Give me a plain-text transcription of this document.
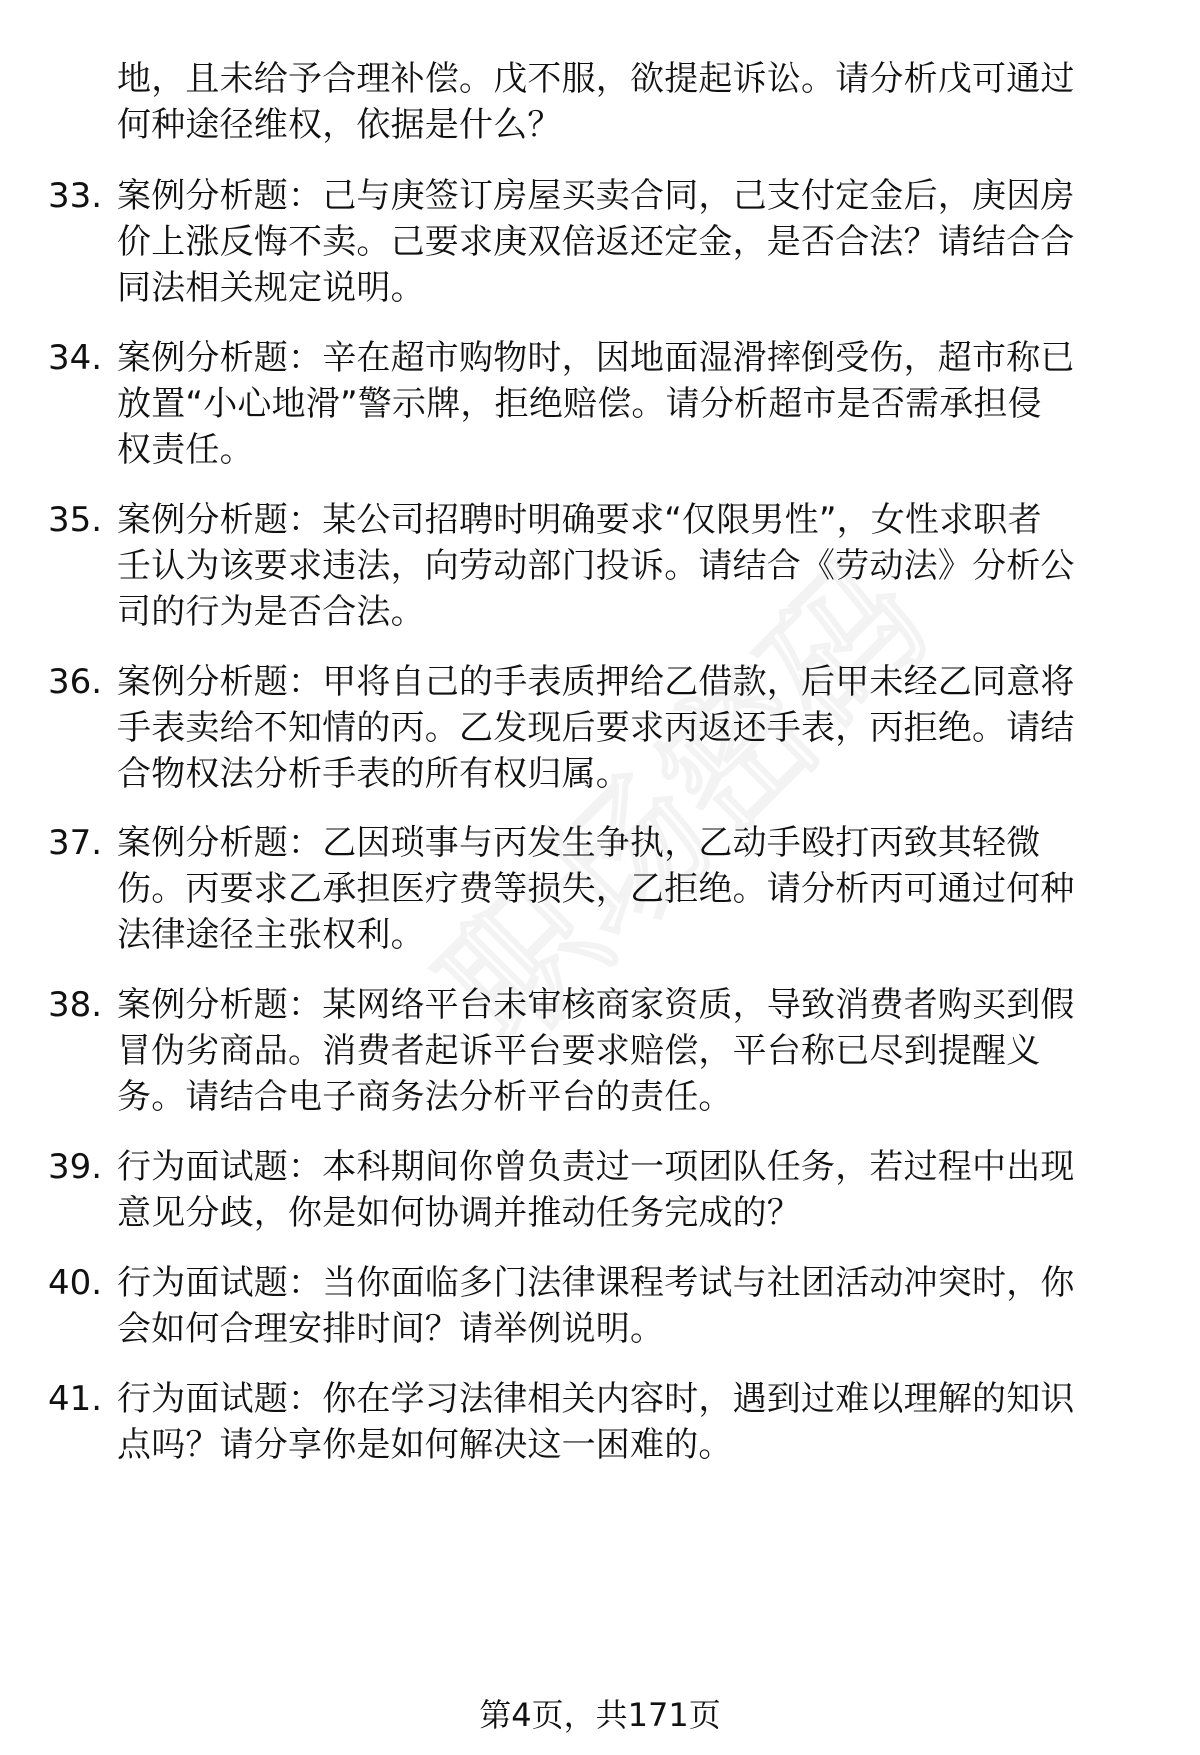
地，且未给予合理补偿。戊不服，欲提起诉讼。请分析戊可通过
何种途径维权，依据是什么？
33. 案例分析题：己与庚签订房屋买卖合同，己支付定金后，庚因房
价上涨反悔不卖。己要求庚双倍返还定金，是否合法？请结合合
同法相关规定说明。
34. 案例分析题：辛在超市购物时，因地面湿滑摔倒受伤，超市称已
放置“小心地滑”警示牌，拒绝赔偿。请分析超市是否需承担侵
权责任。
35. 案例分析题：某公司招聘时明确要求“仅限男性”，女性求职者
壬认为该要求违法，向劳动部门投诉。请结合《劳动法》分析公
司的行为是否合法。
36. 案例分析题：甲将自己的手表质押给乙借款，后甲未经乙同意将
手表卖给不知情的丙。乙发现后要求丙返还手表，丙拒绝。请结
合物权法分析手表的所有权归属。
37. 案例分析题：乙因琐事与丙发生争执，乙动手殴打丙致其轻微
伤。丙要求乙承担医疗费等损失，乙拒绝。请分析丙可通过何种
法律途径主张权利。
38. 案例分析题：某网络平台未审核商家资质，导致消费者购买到假
冒伪劣商品。消费者起诉平台要求赔偿，平台称已尽到提醒义
务。请结合电子商务法分析平台的责任。
39. 行为面试题：本科期间你曾负责过一项团队任务，若过程中出现
意见分歧，你是如何协调并推动任务完成的？
40. 行为面试题：当你面临多门法律课程考试与社团活动冲突时，你
会如何合理安排时间？请举例说明。
41. 行为面试题：你在学习法律相关内容时，遇到过难以理解的知识
点吗？请分享你是如何解决这一困难的。
第4页，共171页
